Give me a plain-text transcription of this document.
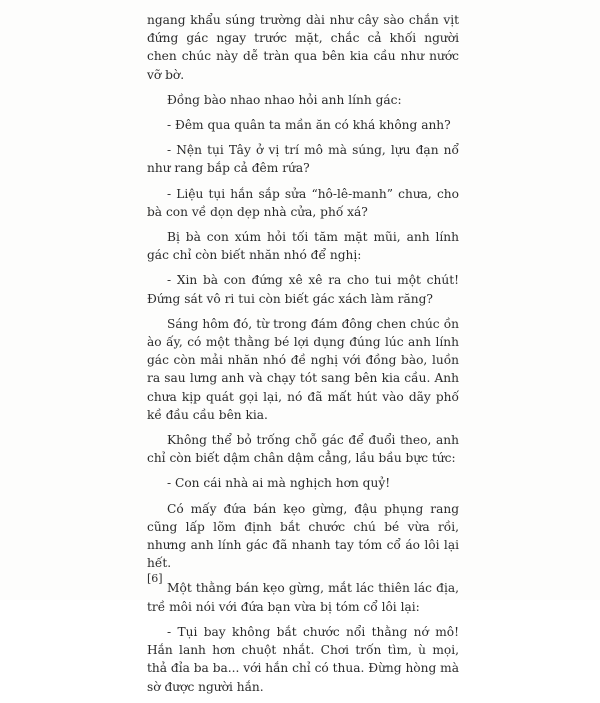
ngang khẩu súng trường dài như cây sào chắn vịt đứng gác ngay trước mặt, chắc cả khối người chen chúc này dễ tràn qua bên kia cầu như nước vỡ bờ.

Đồng bào nhao nhao hỏi anh lính gác:

- Đêm qua quân ta mần ăn có khá không anh?

- Nện tụi Tây ở vị trí mô mà súng, lựu đạn nổ như rang bắp cả đêm rứa?

- Liệu tụi hắn sắp sửa “hô-lê-manh” chưa, cho bà con về dọn dẹp nhà cửa, phố xá?

Bị bà con xúm hỏi tối tăm mặt mũi, anh lính gác chỉ còn biết nhăn nhó để nghị:

- Xin bà con đứng xê xê ra cho tui một chút! Đứng sát vô ri tui còn biết gác xách làm răng?

Sáng hôm đó, từ trong đám đông chen chúc ồn ào ấy, có một thằng bé lợi dụng đúng lúc anh lính gác còn mải nhăn nhó đề nghị với đồng bào, luồn ra sau lưng anh và chạy tót sang bên kia cầu. Anh chưa kịp quát gọi lại, nó đã mất hút vào dãy phố kề đầu cầu bên kia.

Không thể bỏ trống chỗ gác để đuổi theo, anh chỉ còn biết dậm chân dậm cẳng, lầu bầu bực tức:

- Con cái nhà ai mà nghịch hơn quỷ!

Có mấy đứa bán kẹo gừng, đậu phụng rang cũng lấp lõm định bắt chước chú bé vừa rồi, nhưng anh lính gác đã nhanh tay tóm cổ áo lôi lại hết.

Một thằng bán kẹo gừng, mắt lác thiên lác địa, trề môi nói với đứa bạn vừa bị tóm cổ lôi lại:

- Tụi bay không bắt chước nổi thằng nớ mô! Hắn lanh hơn chuột nhắt. Chơi trốn tìm, ù mọi, thả đỉa ba ba... với hắn chỉ có thua. Đừng hòng mà sờ được người hắn.

[6]
